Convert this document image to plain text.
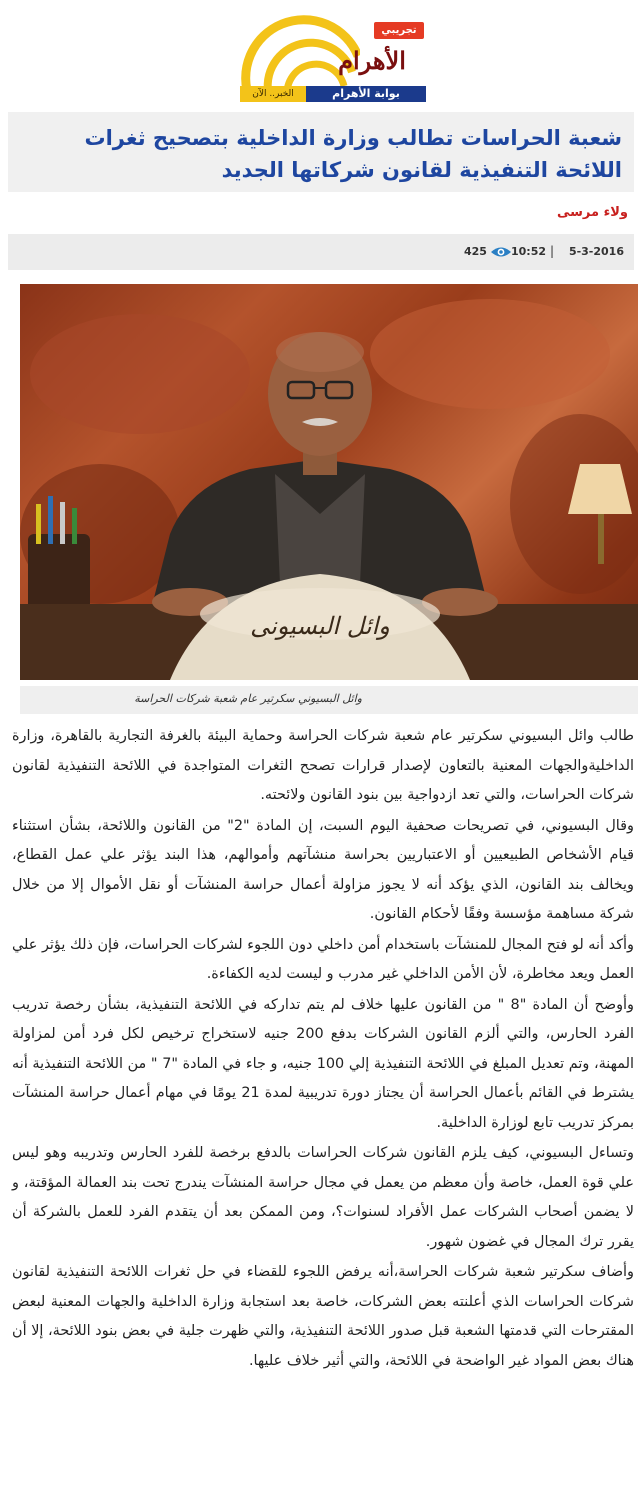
الأهرام
تجريبي
بوابة الأهرام
الخبر.. الآن
شعبة الحراسات تطالب وزارة الداخلية بتصحيح ثغرات اللائحة التنفيذية لقانون شركاتها الجديد
ولاء مرسى
5-3-2016
|
10:52
425
وائل البسيونى
وائل البسيوني سكرتير عام شعبة شركات الحراسة

طالب وائل البسيوني سكرتير عام شعبة شركات الحراسة وحماية البيئة بالغرفة التجارية بالقاهرة، وزارة الداخليةوالجهات المعنية بالتعاون لإصدار قرارات تصحح الثغرات المتواجدة في اللائحة التنفيذية لقانون شركات الحراسات، والتي تعد ازدواجية بين بنود القانون ولائحته.

وقال البسيوني، في تصريحات صحفية اليوم السبت، إن المادة "2" من القانون واللائحة، بشأن استثناء قيام الأشخاص الطبيعيين أو الاعتباريين بحراسة منشآتهم وأموالهم، هذا البند يؤثر علي عمل القطاع، ويخالف بند القانون، الذي يؤكد أنه لا يجوز مزاولة أعمال حراسة المنشآت أو نقل الأموال إلا من خلال شركة مساهمة مؤسسة وفقًا لأحكام القانون.

وأكد أنه لو فتح المجال للمنشآت باستخدام أمن داخلي دون اللجوء لشركات الحراسات، فإن ذلك يؤثر علي العمل ويعد مخاطرة، لأن الأمن الداخلي غير مدرب و ليست لديه الكفاءة.

وأوضح أن المادة "8 " من القانون عليها خلاف لم يتم تداركه في اللائحة التنفيذية، بشأن رخصة تدريب الفرد الحارس، والتي ألزم القانون الشركات بدفع 200 جنيه لاستخراج ترخيص لكل فرد أمن لمزاولة المهنة، وتم تعديل المبلغ في اللائحة التنفيذية إلي 100 جنيه، و جاء في المادة "7 " من اللائحة التنفيذية أنه يشترط في القائم بأعمال الحراسة أن يجتاز دورة تدريبية لمدة 21 يومًا في مهام أعمال حراسة المنشآت بمركز تدريب تابع لوزارة الداخلية.

وتساءل البسيوني، كيف يلزم القانون شركات الحراسات بالدفع برخصة للفرد الحارس وتدريبه وهو ليس علي قوة العمل، خاصة وأن معظم من يعمل في مجال حراسة المنشآت يندرج تحت بند العمالة المؤقتة، و لا يضمن أصحاب الشركات عمل الأفراد لسنوات؟، ومن الممكن بعد أن يتقدم الفرد للعمل بالشركة أن يقرر ترك المجال في غضون شهور.

وأضاف سكرتير شعبة شركات الحراسة،أنه يرفض اللجوء للقضاء في حل ثغرات اللائحة التنفيذية لقانون شركات الحراسات الذي أعلنته بعض الشركات، خاصة بعد استجابة وزارة الداخلية والجهات المعنية لبعض المقترحات التي قدمتها الشعبة قبل صدور اللائحة التنفيذية، والتي ظهرت جلية في بعض بنود اللائحة، إلا أن هناك بعض المواد غير الواضحة في اللائحة، والتي أثير خلاف عليها.
